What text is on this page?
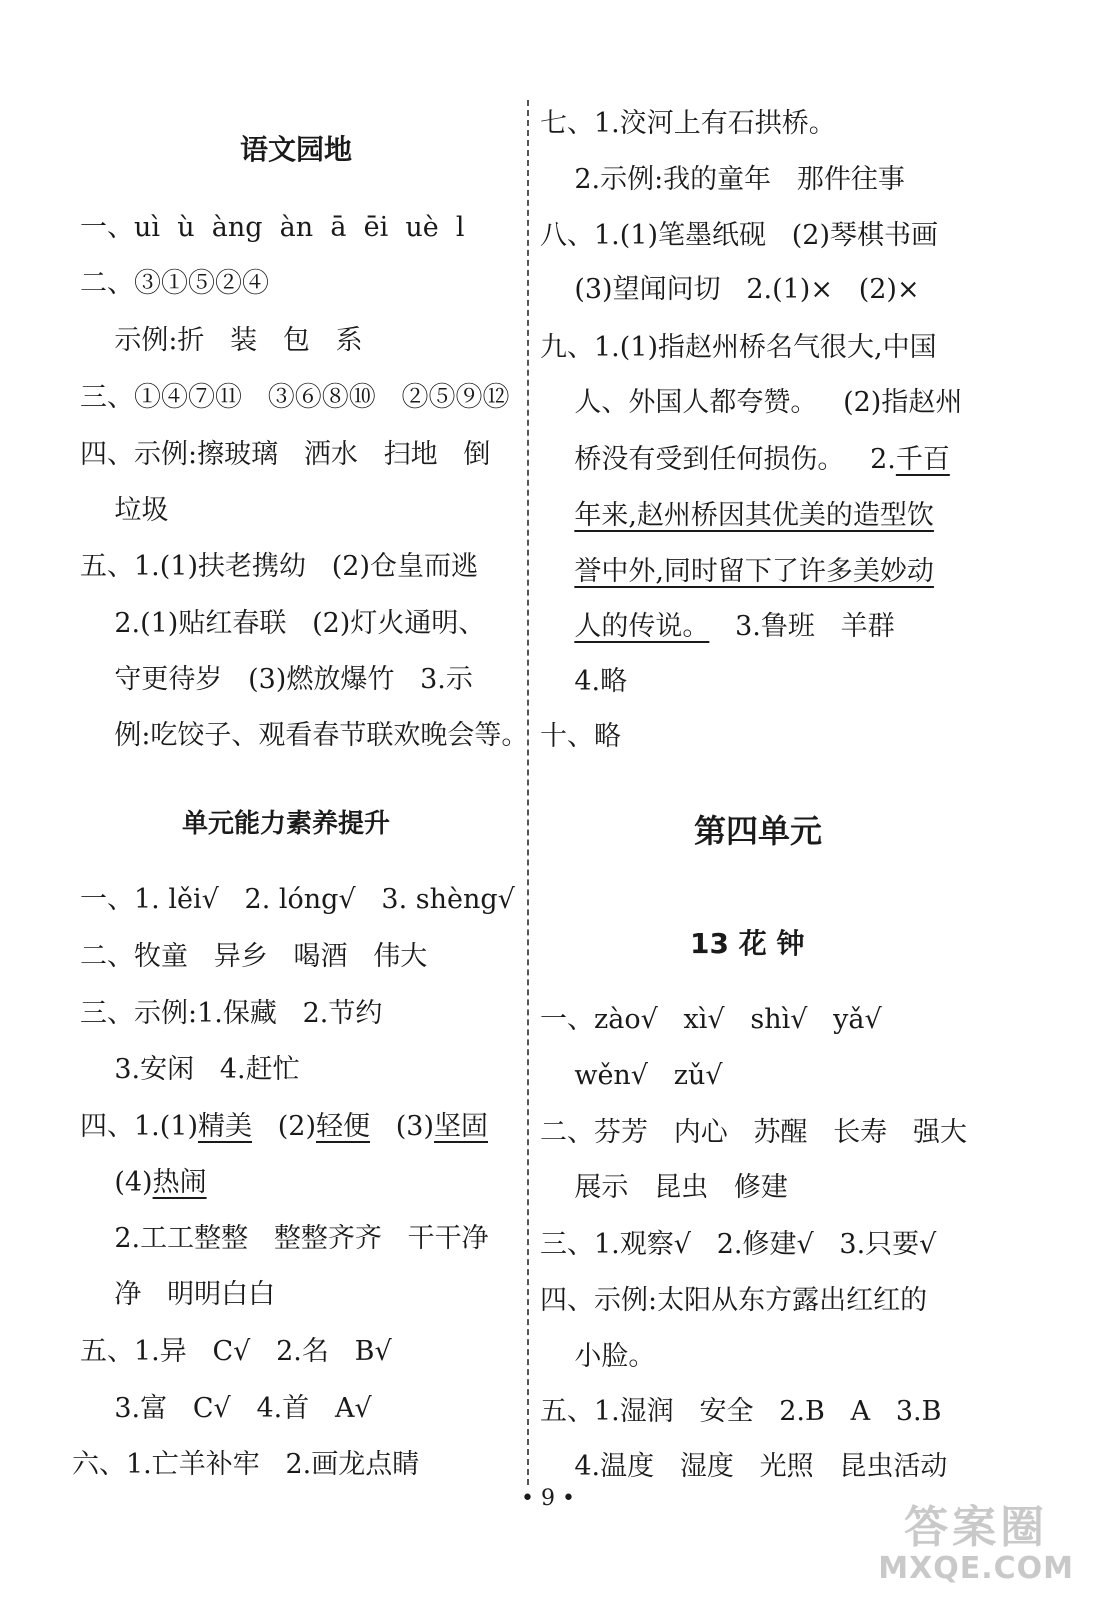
语文园地
一、uì  ù  àng  àn  ā  ēi  uè  l
二、③①⑤②④
示例:折   装   包   系
三、①④⑦⑪   ③⑥⑧⑩   ②⑤⑨⑫
四、示例:擦玻璃   洒水   扫地   倒
垃圾
五、1.(1)扶老携幼   (2)仓皇而逃
2.(1)贴红春联   (2)灯火通明、
守更待岁   (3)燃放爆竹   3.示
例:吃饺子、观看春节联欢晚会等。
单元能力素养提升
一、1. lěi√   2. lóng√   3. shèng√
二、牧童   异乡   喝酒   伟大
三、示例:1.保藏   2.节约
3.安闲   4.赶忙
四、1.(1)精美   (2)轻便   (3)坚固
(4)热闹
2.工工整整   整整齐齐   干干净
净   明明白白
五、1.异   C√   2.名   B√
3.富   C√   4.首   A√
六、1.亡羊补牢   2.画龙点睛
七、1.洨河上有石拱桥。
2.示例:我的童年   那件往事
八、1.(1)笔墨纸砚   (2)琴棋书画
(3)望闻问切   2.(1)×   (2)×
九、1.(1)指赵州桥名气很大,中国
人、外国人都夸赞。   (2)指赵州
桥没有受到任何损伤。   2.千百
年来,赵州桥因其优美的造型饮
誉中外,同时留下了许多美妙动
人的传说。   3.鲁班   羊群
4.略
十、略
第四单元
13 花 钟
一、zào√   xì√   shì√   yǎ√
wěn√   zǔ√
二、芬芳   内心   苏醒   长寿   强大
展示   昆虫   修建
三、1.观察√   2.修建√   3.只要√
四、示例:太阳从东方露出红红的
小脸。
五、1.湿润   安全   2.B   A   3.B
4.温度   湿度   光照   昆虫活动
• 9 •
答案圈
MXQE.COM
